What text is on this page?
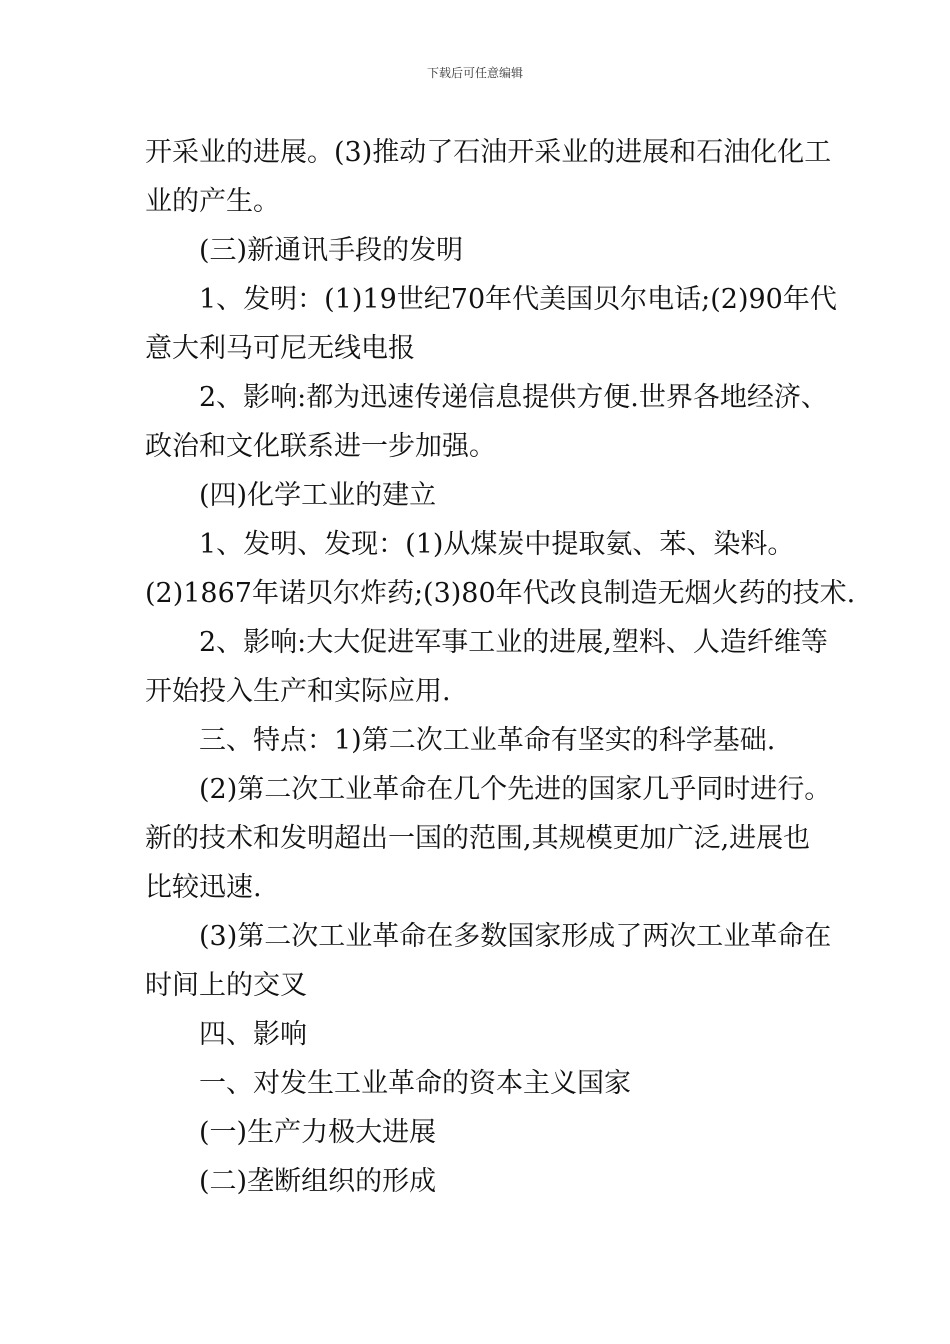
下载后可任意编辑
开采业的进展。(3)推动了石油开采业的进展和石油化化工
业的产生。
(三)新通讯手段的发明
1、发明：(1)19世纪70年代美国贝尔电话;(2)90年代
意大利马可尼无线电报
2、影响:都为迅速传递信息提供方便.世界各地经济、
政治和文化联系进一步加强。
(四)化学工业的建立
1、发明、发现：(1)从煤炭中提取氨、苯、染料。
(2)1867年诺贝尔炸药;(3)80年代改良制造无烟火药的技术.
2、影响:大大促进军事工业的进展,塑料、人造纤维等
开始投入生产和实际应用.
三、特点：1)第二次工业革命有坚实的科学基础.
(2)第二次工业革命在几个先进的国家几乎同时进行。
新的技术和发明超出一国的范围,其规模更加广泛,进展也
比较迅速.
(3)第二次工业革命在多数国家形成了两次工业革命在
时间上的交叉
四、影响
一、对发生工业革命的资本主义国家
(一)生产力极大进展
(二)垄断组织的形成
